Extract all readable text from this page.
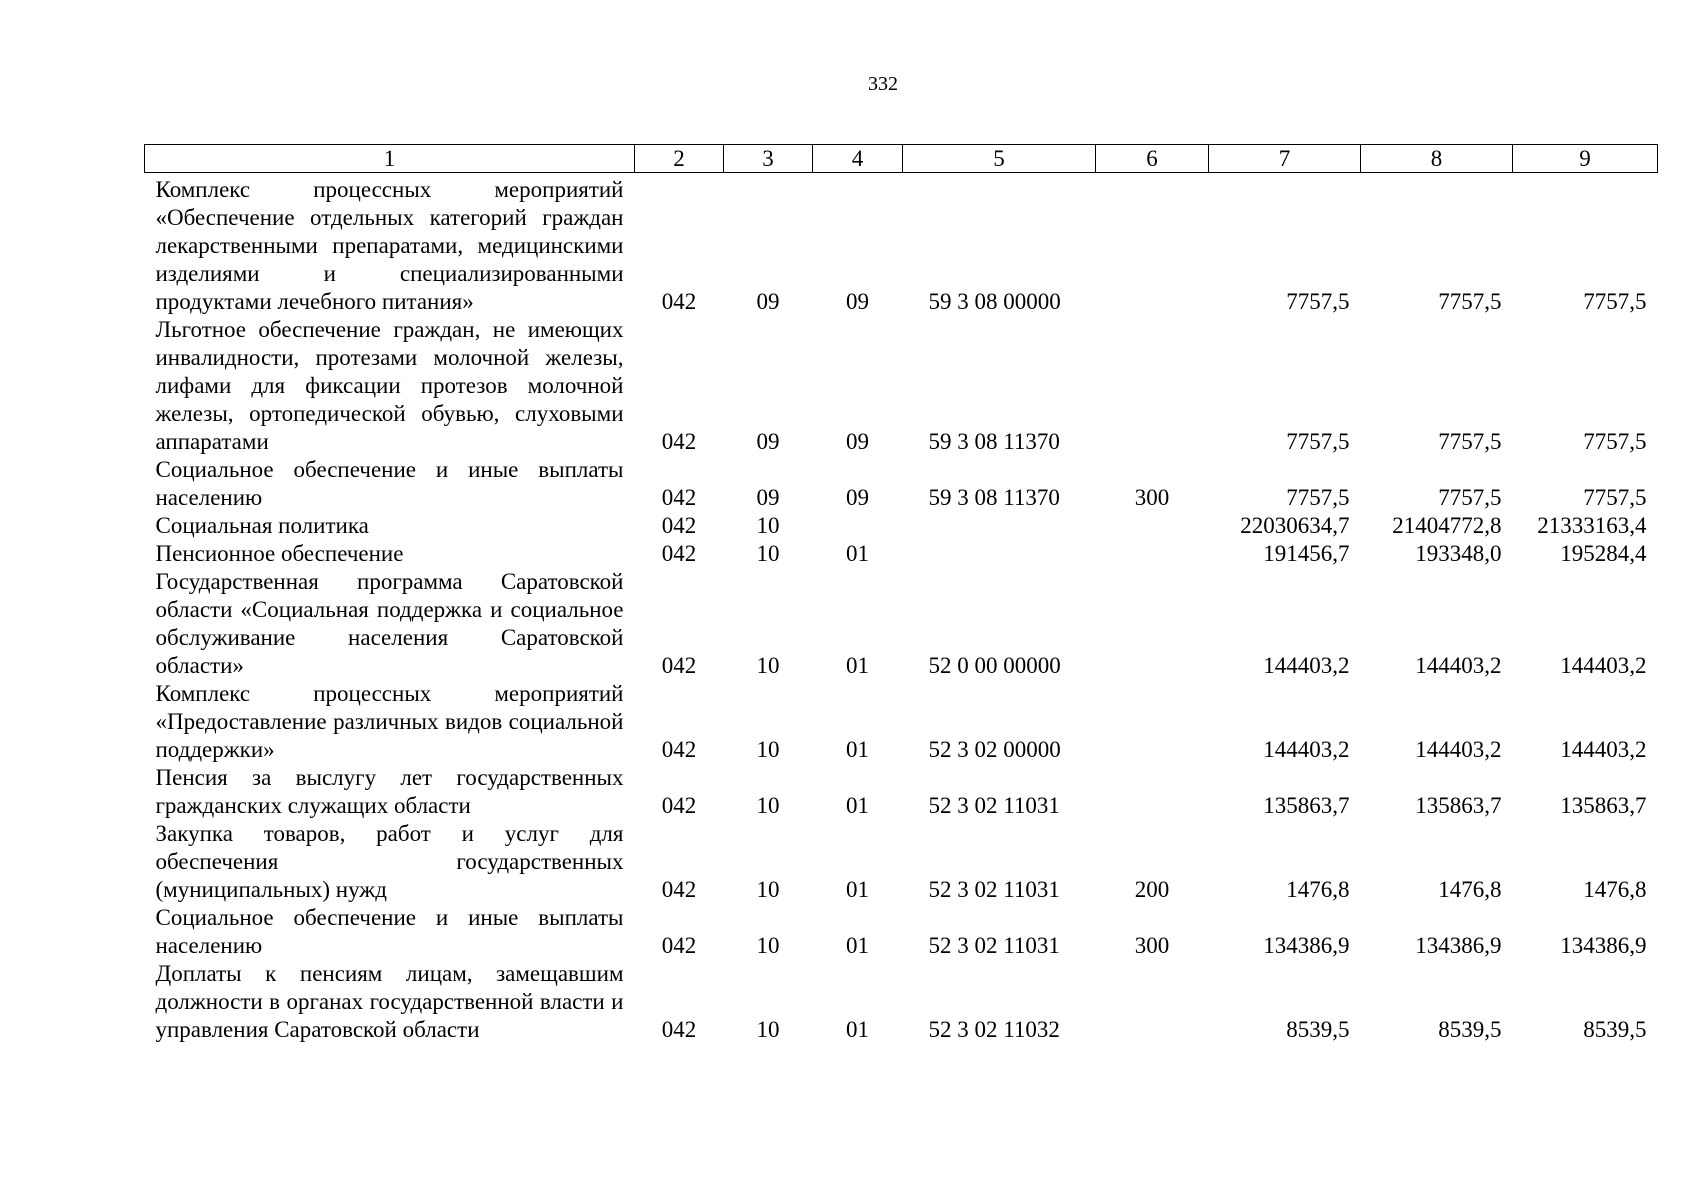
332
1	2	3	4	5	6	7	8	9
Комплекс процессных мероприятий «Обеспечение отдельных категорий граждан лекарственными препаратами, медицинскими изделиями и специализированными продуктами лечебного питания»	042	09	09	59 3 08 00000		7757,5	7757,5	7757,5
Льготное обеспечение граждан, не имеющих инвалидности, протезами молочной железы, лифами для фиксации протезов молочной железы, ортопедической обувью, слуховыми аппаратами	042	09	09	59 3 08 11370		7757,5	7757,5	7757,5
Социальное обеспечение и иные выплаты населению	042	09	09	59 3 08 11370	300	7757,5	7757,5	7757,5
Социальная политика	042	10				22030634,7	21404772,8	21333163,4
Пенсионное обеспечение	042	10	01			191456,7	193348,0	195284,4
Государственная программа Саратовской области «Социальная поддержка и социальное обслуживание населения Саратовской области»	042	10	01	52 0 00 00000		144403,2	144403,2	144403,2
Комплекс процессных мероприятий «Предоставление различных видов социальной поддержки»	042	10	01	52 3 02 00000		144403,2	144403,2	144403,2
Пенсия за выслугу лет государственных гражданских служащих области	042	10	01	52 3 02 11031		135863,7	135863,7	135863,7
Закупка товаров, работ и услуг для обеспечения государственных (муниципальных) нужд	042	10	01	52 3 02 11031	200	1476,8	1476,8	1476,8
Социальное обеспечение и иные выплаты населению	042	10	01	52 3 02 11031	300	134386,9	134386,9	134386,9
Доплаты к пенсиям лицам, замещавшим должности в органах государственной власти и управления Саратовской области	042	10	01	52 3 02 11032		8539,5	8539,5	8539,5
